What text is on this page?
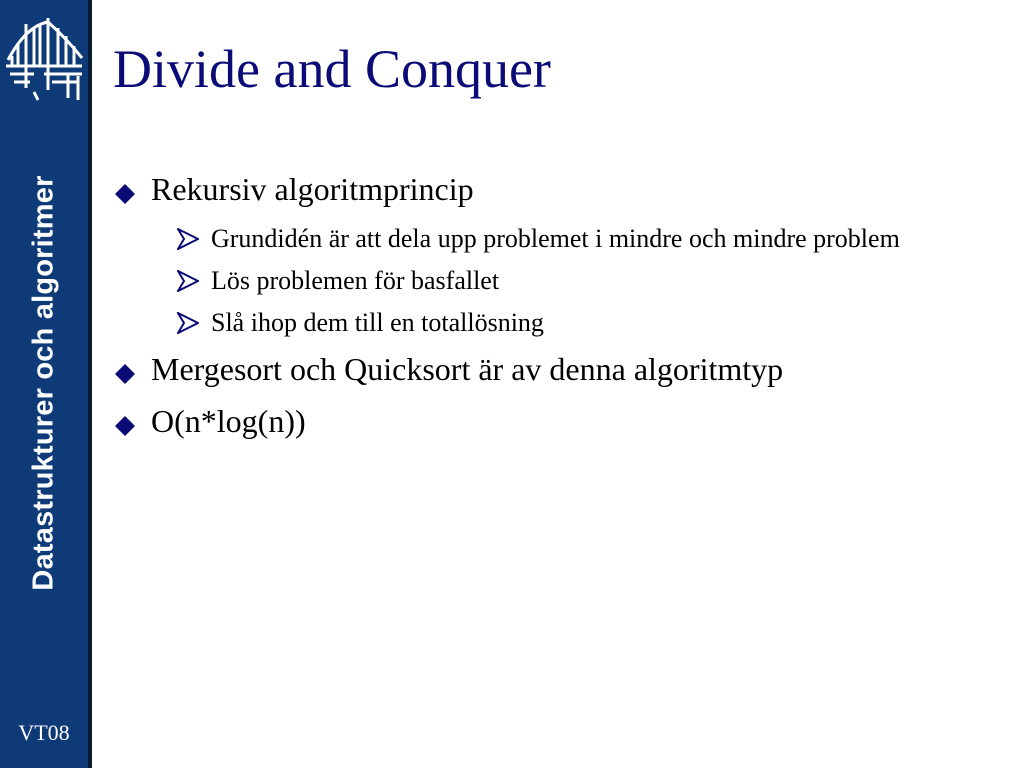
Datastrukturer och algoritmer
VT08
Divide and Conquer
Rekursiv algoritmprincip
Grundidén är att dela upp problemet i mindre och mindre problem
Lös problemen för basfallet
Slå ihop dem till en totallösning
Mergesort och Quicksort är av denna algoritmtyp
O(n*log(n))
